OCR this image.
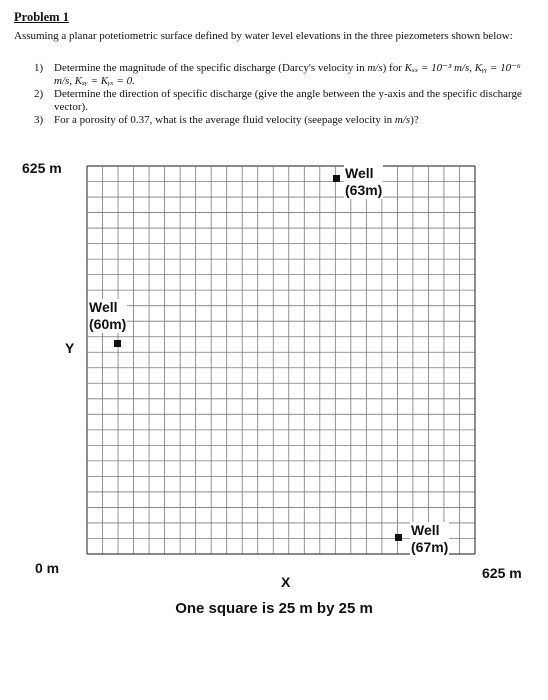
Problem 1
Assuming a planar potetiometric surface defined by water level elevations in the three piezometers shown below:
1) Determine the magnitude of the specific discharge (Darcy's velocity in m/s) for Kₓₓ = 10⁻³ m/s, Kᵧᵧ = 10⁻⁶ m/s, Kₓᵧ = Kᵧₓ = 0.
2) Determine the direction of specific discharge (give the angle between the y-axis and the specific discharge vector).
3) For a porosity of 0.37, what is the average fluid velocity (seepage velocity in m/s)?
625 m
Y
0 m	625 m
X
Well
(63m)
Well
(60m)
Well
(67m)
One square is 25 m by 25 m
